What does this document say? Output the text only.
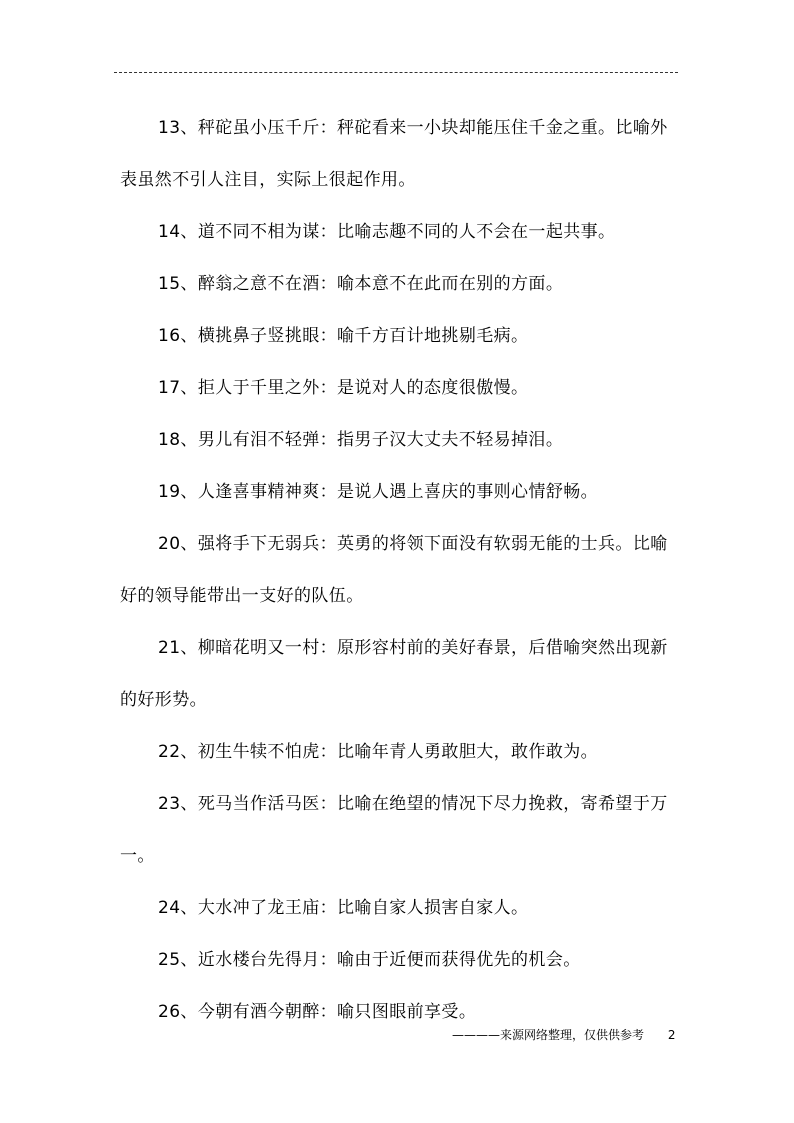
13、秤砣虽小压千斤：秤砣看来一小块却能压住千金之重。比喻外表虽然不引人注目，实际上很起作用。

14、道不同不相为谋：比喻志趣不同的人不会在一起共事。

15、醉翁之意不在酒：喻本意不在此而在别的方面。

16、横挑鼻子竖挑眼：喻千方百计地挑剔毛病。

17、拒人于千里之外：是说对人的态度很傲慢。

18、男儿有泪不轻弹：指男子汉大丈夫不轻易掉泪。

19、人逢喜事精神爽：是说人遇上喜庆的事则心情舒畅。

20、强将手下无弱兵：英勇的将领下面没有软弱无能的士兵。比喻好的领导能带出一支好的队伍。

21、柳暗花明又一村：原形容村前的美好春景，后借喻突然出现新的好形势。

22、初生牛犊不怕虎：比喻年青人勇敢胆大，敢作敢为。

23、死马当作活马医：比喻在绝望的情况下尽力挽救，寄希望于万一。

24、大水冲了龙王庙：比喻自家人损害自家人。

25、近水楼台先得月：喻由于近便而获得优先的机会。

26、今朝有酒今朝醉：喻只图眼前享受。

————来源网络整理，仅供供参考 2
